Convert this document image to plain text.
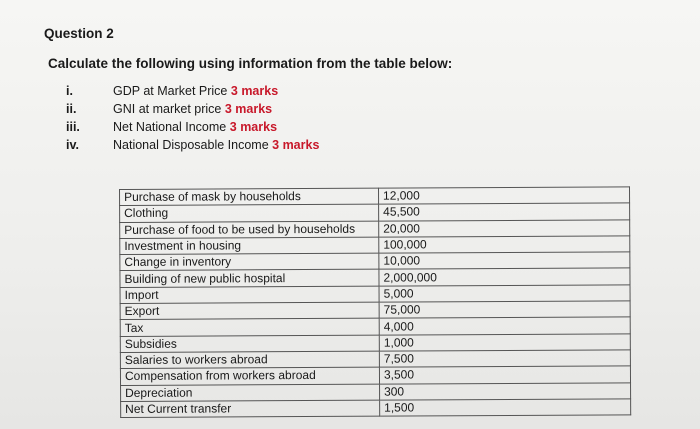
Question 2
Calculate the following using information from the table below:
i.	GDP at Market Price 3 marks
ii.	GNI at market price 3 marks
iii.	Net National Income 3 marks
iv.	National Disposable Income 3 marks
Purchase of mask by households	12,000
Clothing	45,500
Purchase of food to be used by households	20,000
Investment in housing	100,000
Change in inventory	10,000
Building of new public hospital	2,000,000
Import	5,000
Export	75,000
Tax	4,000
Subsidies	1,000
Salaries to workers abroad	7,500
Compensation from workers abroad	3,500
Depreciation	300
Net Current transfer	1,500
